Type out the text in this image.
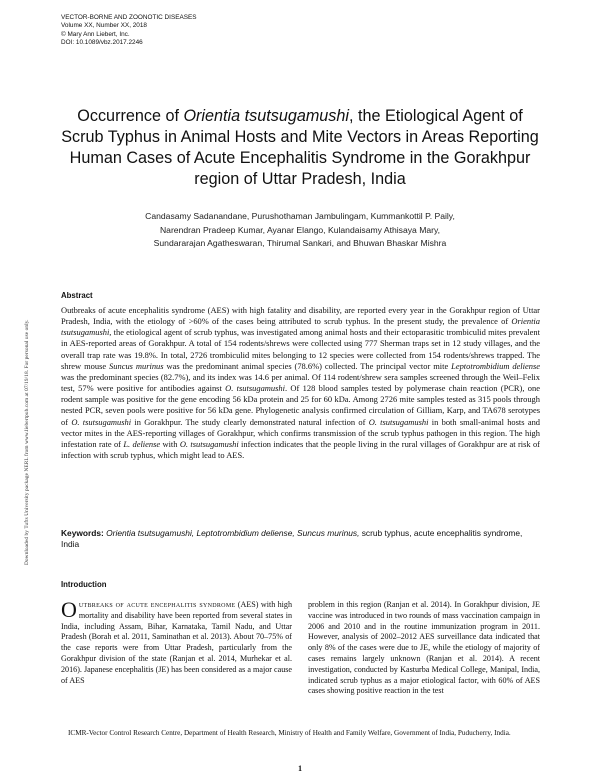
VECTOR-BORNE AND ZOONOTIC DISEASES
Volume XX, Number XX, 2018
© Mary Ann Liebert, Inc.
DOI: 10.1089/vbz.2017.2246
Occurrence of Orientia tsutsugamushi, the Etiological Agent of Scrub Typhus in Animal Hosts and Mite Vectors in Areas Reporting Human Cases of Acute Encephalitis Syndrome in the Gorakhpur region of Uttar Pradesh, India
Candasamy Sadanandane, Purushothaman Jambulingam, Kummankottil P. Paily,
Narendran Pradeep Kumar, Ayanar Elango, Kulandaisamy Athisaya Mary,
Sundararajan Agatheswaran, Thirumal Sankari, and Bhuwan Bhaskar Mishra
Downloaded by Tufts University package NERL from www.liebertpub.com at 07/19/18. For personal use only.
Abstract
Outbreaks of acute encephalitis syndrome (AES) with high fatality and disability, are reported every year in the Gorakhpur region of Uttar Pradesh, India, with the etiology of >60% of the cases being attributed to scrub typhus. In the present study, the prevalence of Orientia tsutsugamushi, the etiological agent of scrub typhus, was investigated among animal hosts and their ectoparasitic trombiculid mites prevalent in AES-reported areas of Gorakhpur. A total of 154 rodents/shrews were collected using 777 Sherman traps set in 12 study villages, and the overall trap rate was 19.8%. In total, 2726 trombiculid mites belonging to 12 species were collected from 154 rodents/shrews trapped. The shrew mouse Suncus murinus was the predominant animal species (78.6%) collected. The principal vector mite Leptotrombidium deliense was the predominant species (82.7%), and its index was 14.6 per animal. Of 114 rodent/shrew sera samples screened through the Weil–Felix test, 57% were positive for antibodies against O. tsutsugamushi. Of 128 blood samples tested by polymerase chain reaction (PCR), one rodent sample was positive for the gene encoding 56 kDa protein and 25 for 60 kDa. Among 2726 mite samples tested as 315 pools through nested PCR, seven pools were positive for 56 kDa gene. Phylogenetic analysis confirmed circulation of Gilliam, Karp, and TA678 serotypes of O. tsutsugamushi in Gorakhpur. The study clearly demonstrated natural infection of O. tsutsugamushi in both small-animal hosts and vector mites in the AES-reporting villages of Gorakhpur, which confirms transmission of the scrub typhus pathogen in this region. The high infestation rate of L. deliense with O. tsutsugamushi infection indicates that the people living in the rural villages of Gorakhpur are at risk of infection with scrub typhus, which might lead to AES.
Keywords: Orientia tsutsugamushi, Leptotrombidium deliense, Suncus murinus, scrub typhus, acute encephalitis syndrome, India
Introduction
Outbreaks of acute encephalitis syndrome (AES) with high mortality and disability have been reported from several states in India, including Assam, Bihar, Karnataka, Tamil Nadu, and Uttar Pradesh (Borah et al. 2011, Saminathan et al. 2013). About 70–75% of the case reports were from Uttar Pradesh, particularly from the Gorakhpur division of the state (Ranjan et al. 2014, Murhekar et al. 2016). Japanese encephalitis (JE) has been considered as a major cause of AES
problem in this region (Ranjan et al. 2014). In Gorakhpur division, JE vaccine was introduced in two rounds of mass vaccination campaign in 2006 and 2010 and in the routine immunization program in 2011. However, analysis of 2002–2012 AES surveillance data indicated that only 8% of the cases were due to JE, while the etiology of majority of cases remains largely unknown (Ranjan et al. 2014). A recent investigation, conducted by Kasturba Medical College, Manipal, India, indicated scrub typhus as a major etiological factor, with 60% of AES cases showing positive reaction in the test
ICMR-Vector Control Research Centre, Department of Health Research, Ministry of Health and Family Welfare, Government of India, Puducherry, India.
1
